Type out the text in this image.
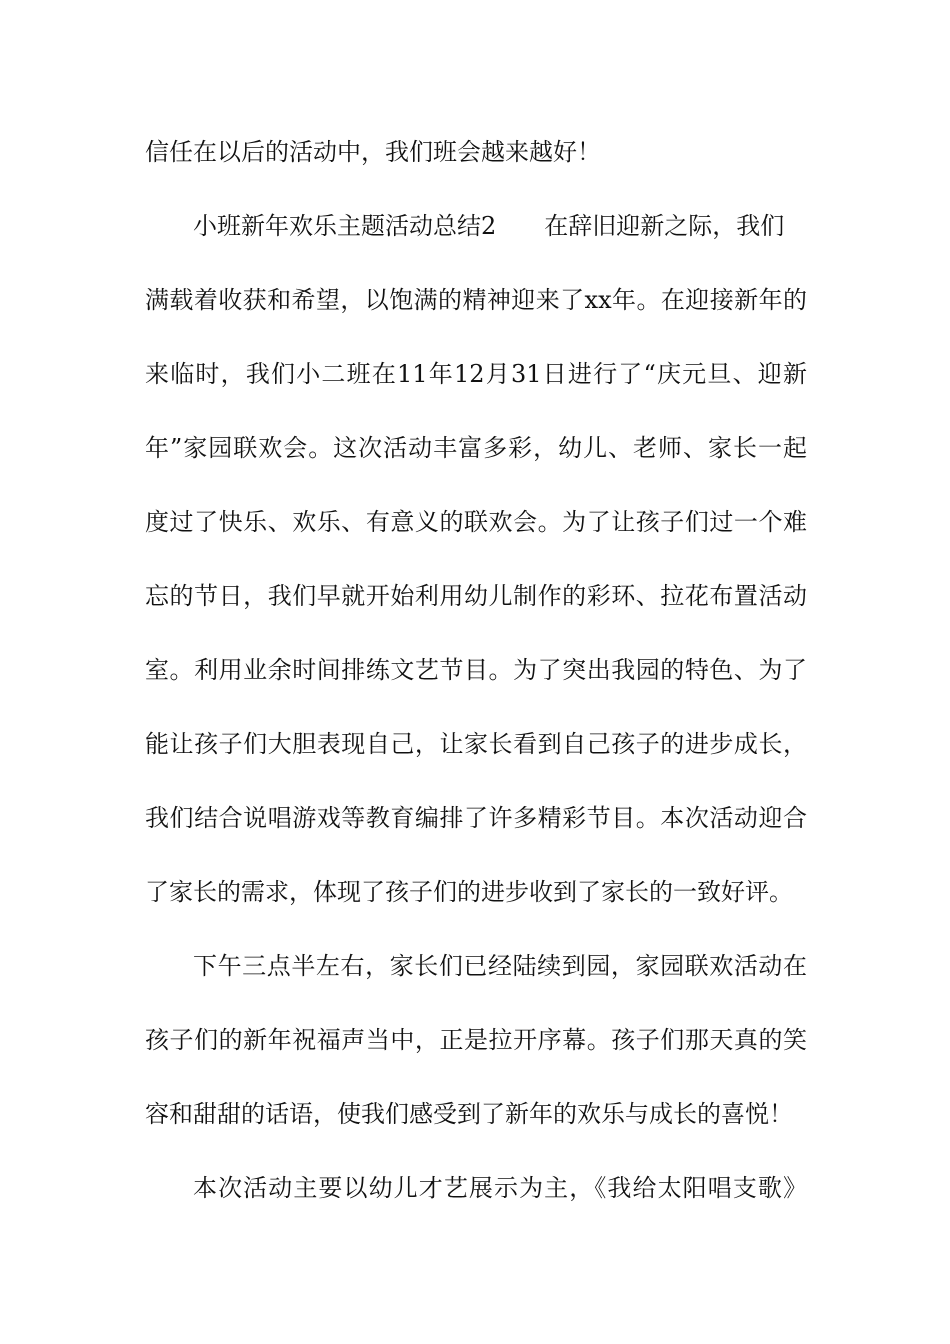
信任在以后的活动中，我们班会越来越好！
小班新年欢乐主题活动总结2 在辞旧迎新之际，我们
满载着收获和希望，以饱满的精神迎来了xx年。在迎接新年的
来临时，我们小二班在11年12月31日进行了“庆元旦、迎新
年”家园联欢会。这次活动丰富多彩，幼儿、老师、家长一起
度过了快乐、欢乐、有意义的联欢会。为了让孩子们过一个难
忘的节日，我们早就开始利用幼儿制作的彩环、拉花布置活动
室。利用业余时间排练文艺节目。为了突出我园的特色、为了
能让孩子们大胆表现自己，让家长看到自己孩子的进步成长，
我们结合说唱游戏等教育编排了许多精彩节目。本次活动迎合
了家长的需求，体现了孩子们的进步收到了家长的一致好评。
下午三点半左右，家长们已经陆续到园，家园联欢活动在
孩子们的新年祝福声当中，正是拉开序幕。孩子们那天真的笑
容和甜甜的话语，使我们感受到了新年的欢乐与成长的喜悦！
本次活动主要以幼儿才艺展示为主，《我给太阳唱支歌》
